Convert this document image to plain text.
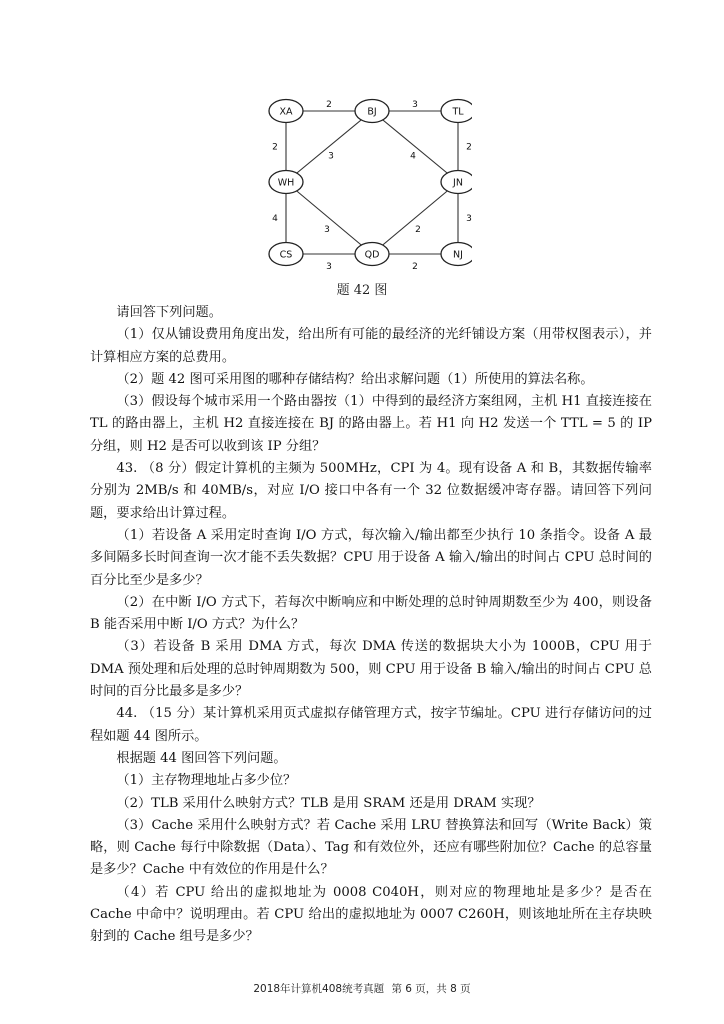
2	3
2	2
3	4
4
3	2
3
3	2
XA	BJ	TL
WH	JN
CS	QD	NJ
题 42 图

请回答下列问题。

（1）仅从铺设费用角度出发，给出所有可能的最经济的光纤铺设方案（用带权图表示），并计算相应方案的总费用。

（2）题 42 图可采用图的哪种存储结构？给出求解问题（1）所使用的算法名称。

（3）假设每个城市采用一个路由器按（1）中得到的最经济方案组网，主机 H1 直接连接在 TL 的路由器上，主机 H2 直接连接在 BJ 的路由器上。若 H1 向 H2 发送一个 TTL = 5 的 IP 分组，则 H2 是否可以收到该 IP 分组？

43. （8 分）假定计算机的主频为 500MHz，CPI 为 4。现有设备 A 和 B，其数据传输率分别为 2MB/s 和 40MB/s，对应 I/O 接口中各有一个 32 位数据缓冲寄存器。请回答下列问题，要求给出计算过程。

（1）若设备 A 采用定时查询 I/O 方式，每次输入/输出都至少执行 10 条指令。设备 A 最多间隔多长时间查询一次才能不丢失数据？CPU 用于设备 A 输入/输出的时间占 CPU 总时间的百分比至少是多少？

（2）在中断 I/O 方式下，若每次中断响应和中断处理的总时钟周期数至少为 400，则设备 B 能否采用中断 I/O 方式？为什么？

（3）若设备 B 采用 DMA 方式，每次 DMA 传送的数据块大小为 1000B，CPU 用于 DMA 预处理和后处理的总时钟周期数为 500，则 CPU 用于设备 B 输入/输出的时间占 CPU 总时间的百分比最多是多少？

44. （15 分）某计算机采用页式虚拟存储管理方式，按字节编址。CPU 进行存储访问的过程如题 44 图所示。

根据题 44 图回答下列问题。

（1）主存物理地址占多少位？

（2）TLB 采用什么映射方式？TLB 是用 SRAM 还是用 DRAM 实现？

（3）Cache 采用什么映射方式？若 Cache 采用 LRU 替换算法和回写（Write Back）策略，则 Cache 每行中除数据（Data）、Tag 和有效位外，还应有哪些附加位？Cache 的总容量是多少？Cache 中有效位的作用是什么？

（4）若 CPU 给出的虚拟地址为 0008 C040H，则对应的物理地址是多少？是否在 Cache 中命中？说明理由。若 CPU 给出的虚拟地址为 0007 C260H，则该地址所在主存块映射到的 Cache 组号是多少？

2018年计算机408统考真题 第 6 页，共 8 页
